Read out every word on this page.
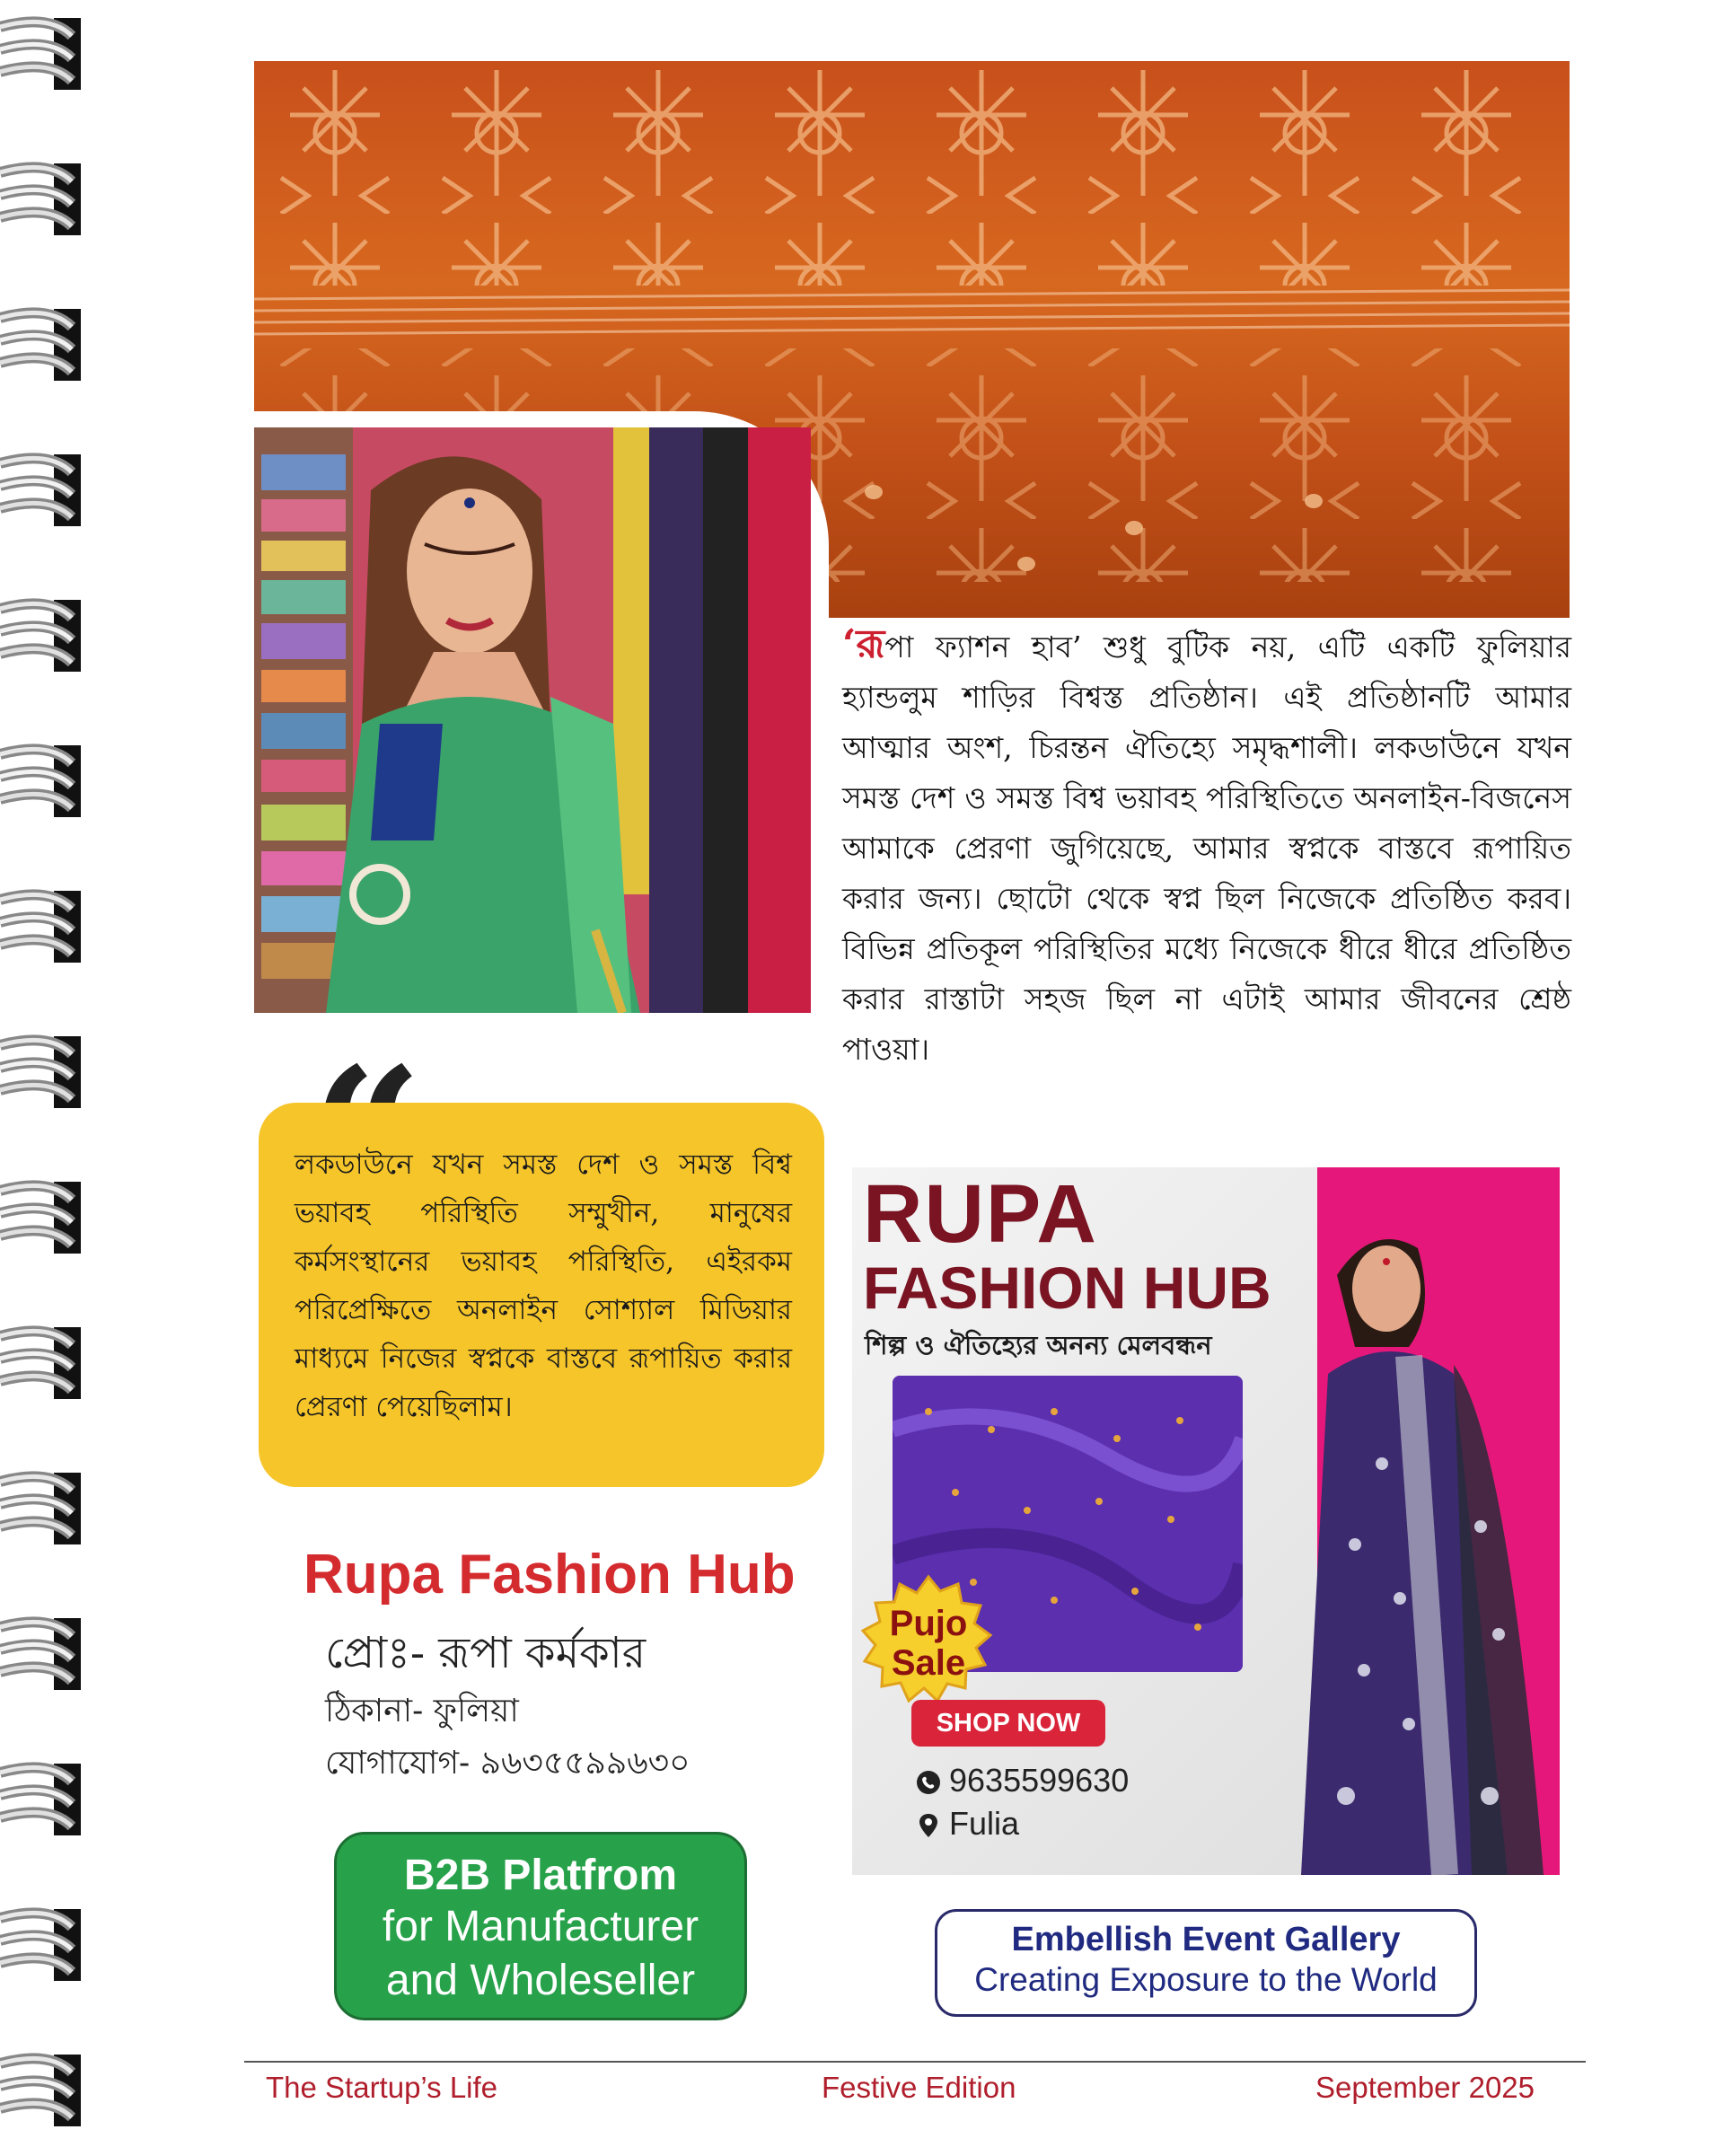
‘রূপা ফ্যাশন হাব’ শুধু বুটিক নয়, এটি একটি ফুলিয়ার হ্যান্ডলুম শাড়ির বিশ্বস্ত প্রতিষ্ঠান। এই প্রতিষ্ঠানটি আমার আত্মার অংশ, চিরন্তন ঐতিহ্যে সমৃদ্ধশালী। লকডাউনে যখন সমস্ত দেশ ও সমস্ত বিশ্ব ভয়াবহ পরিস্থিতিতে অনলাইন-বিজনেস আমাকে প্রেরণা জুগিয়েছে, আমার স্বপ্নকে বাস্তবে রূপায়িত করার জন্য। ছোটো থেকে স্বপ্ন ছিল নিজেকে প্রতিষ্ঠিত করব। বিভিন্ন প্রতিকূল পরিস্থিতির মধ্যে নিজেকে ধীরে ধীরে প্রতিষ্ঠিত করার রাস্তাটা সহজ ছিল না এটাই আমার জীবনের শ্রেষ্ঠ পাওয়া।
লকডাউনে যখন সমস্ত দেশ ও সমস্ত বিশ্ব ভয়াবহ পরিস্থিতি সম্মুখীন, মানুষের কর্মসংস্থানের ভয়াবহ পরিস্থিতি, এইরকম পরিপ্রেক্ষিতে অনলাইন সোশ্যাল মিডিয়ার মাধ্যমে নিজের স্বপ্নকে বাস্তবে রূপায়িত করার প্রেরণা পেয়েছিলাম।
Rupa Fashion Hub
প্রোঃ- রূপা কর্মকার
ঠিকানা- ফুলিয়া
যোগাযোগ- ৯৬৩৫৫৯৯৬৩০
B2B Platfrom
for Manufacturer
and Wholeseller
RUPA
FASHION HUB
শিল্প ও ঐতিহ্যের অনন্য মেলবন্ধন
Pujo
Sale
SHOP NOW
9635599630
Fulia
Embellish Event Gallery
Creating Exposure to the World
The Startup’s Life	Festive Edition	September 2025
